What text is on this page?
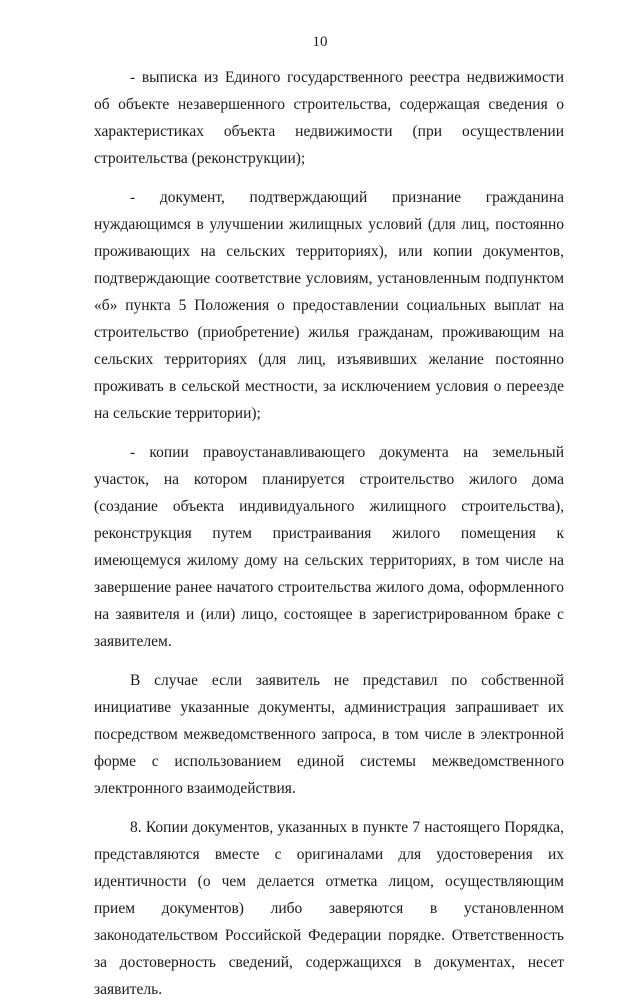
10

- выписка из Единого государственного реестра недвижимости об объекте незавершенного строительства, содержащая сведения о характеристиках объекта недвижимости (при осуществлении строительства (реконструкции);

- документ, подтверждающий признание гражданина нуждающимся в улучшении жилищных условий (для лиц, постоянно проживающих на сельских территориях), или копии документов, подтверждающие соответствие условиям, установленным подпунктом «б» пункта 5 Положения о предоставлении социальных выплат на строительство (приобретение) жилья гражданам, проживающим на сельских территориях (для лиц, изъявивших желание постоянно проживать в сельской местности, за исключением условия о переезде на сельские территории);

- копии правоустанавливающего документа на земельный участок, на котором планируется строительство жилого дома (создание объекта индивидуального жилищного строительства), реконструкция путем пристраивания жилого помещения к имеющемуся жилому дому на сельских территориях, в том числе на завершение ранее начатого строительства жилого дома, оформленного на заявителя и (или) лицо, состоящее в зарегистрированном браке с заявителем.

В случае если заявитель не представил по собственной инициативе указанные документы, администрация запрашивает их посредством межведомственного запроса, в том числе в электронной форме с использованием единой системы межведомственного электронного взаимодействия.

8. Копии документов, указанных в пункте 7 настоящего Порядка, представляются вместе с оригиналами для удостоверения их идентичности (о чем делается отметка лицом, осуществляющим прием документов) либо заверяются в установленном законодательством Российской Федерации порядке. Ответственность за достоверность сведений, содержащихся в документах, несет заявитель.
